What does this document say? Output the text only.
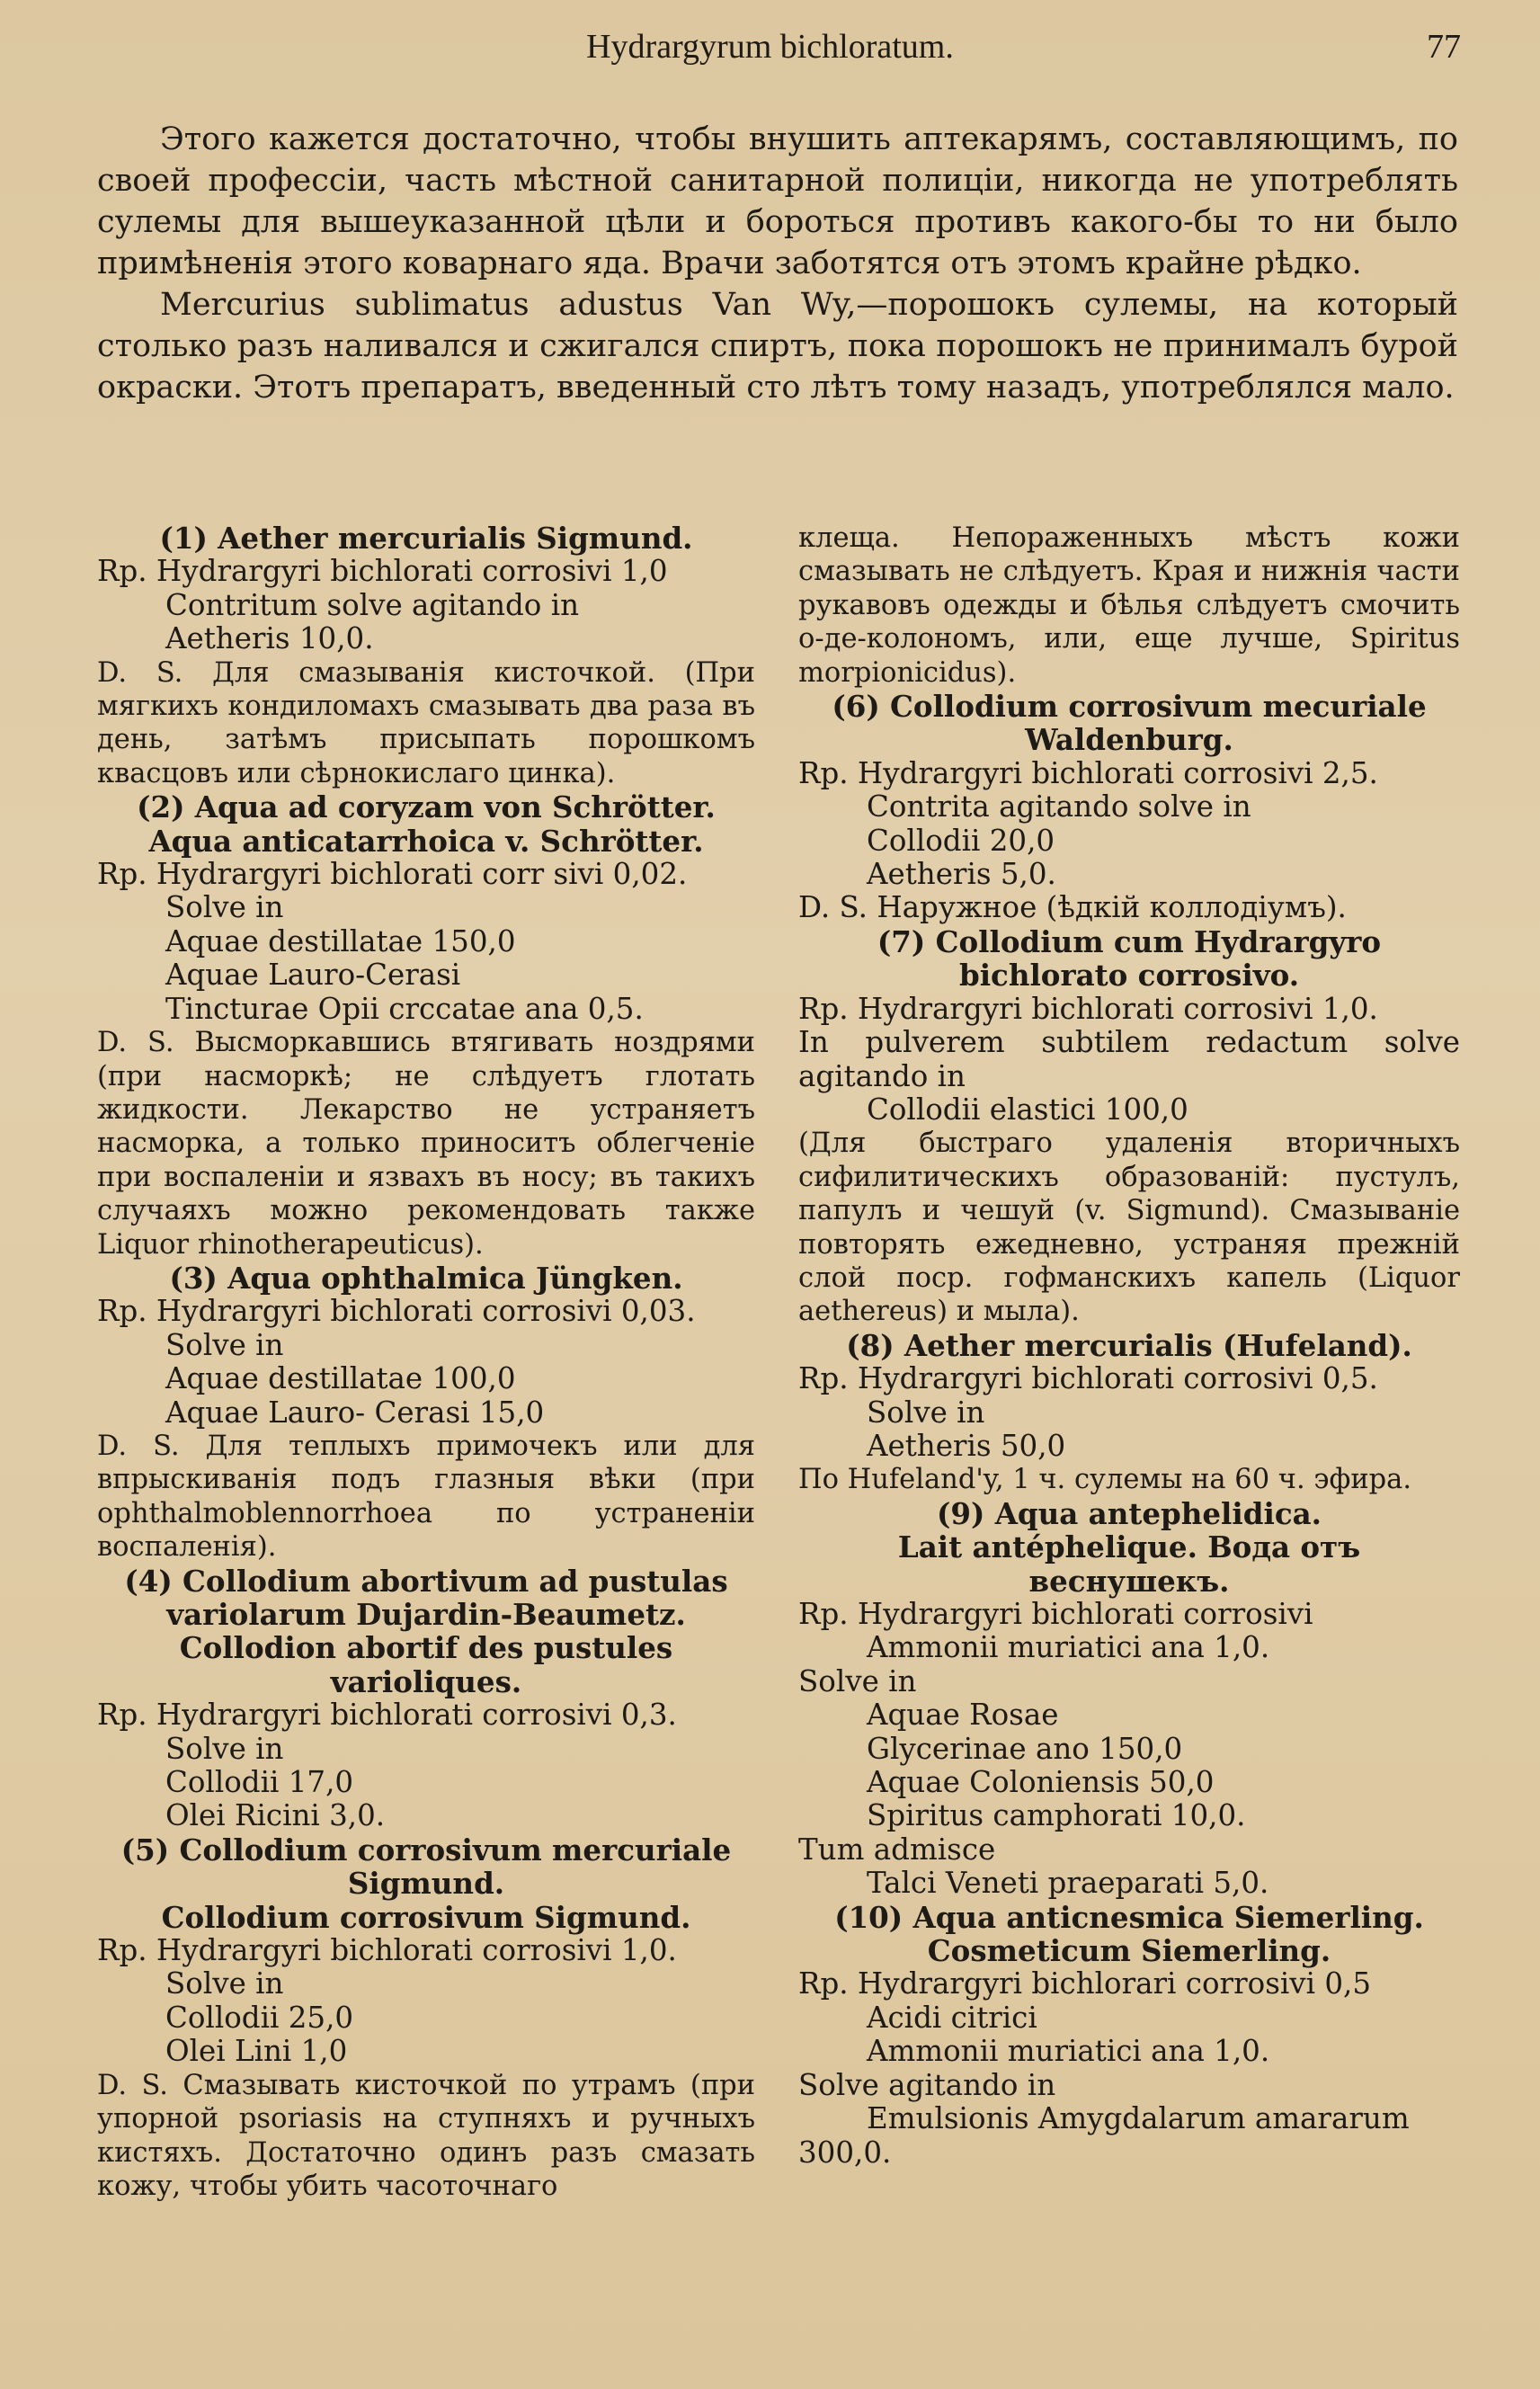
Hydrargyrum bichloratum.	77

Этого кажется достаточно, чтобы внушить аптекарямъ, составляющимъ, по своей профессiи, часть мѣстной санитарной полицiи, никогда не употреблять сулемы для вышеуказанной цѣли и бороться противъ какого-бы то ни было примѣненiя этого коварнаго яда. Врачи заботятся отъ этомъ крайне рѣдко.

Mercurius sublimatus adustus Van Wy,—порошокъ сулемы, на который столько разъ наливался и сжигался спиртъ, пока порошокъ не принималъ бурой окраски. Этотъ препаратъ, введенный сто лѣтъ тому назадъ, употреблялся мало.

(1) Aether mercurialis Sigmund.
Rp. Hydrargyri bichlorati corrosivi 1,0
Contritum solve agitando in
Aetheris 10,0.
D. S. Для смазыванiя кисточкой. (При мягкихъ кондиломахъ смазывать два раза въ день, затѣмъ присыпать порошкомъ квасцовъ или сѣрнокислаго цинка).
(2) Aqua ad coryzam von Schrötter.
Aqua anticatarrhoica v. Schrötter.
Rp. Hydrargyri bichlorati corr sivi 0,02.
Solve in
Aquae destillatae 150,0
Aquae Lauro-Cerasi
Tincturae Opii crccatae ana 0,5.
D. S. Высморкавшись втягивать ноздрями (при насморкѣ; не слѣдуетъ глотать жидкости. Лекарство не устраняетъ насморка, а только приноситъ облегченiе при воспаленiи и язвахъ въ носу; въ такихъ случаяхъ можно рекомендовать также Liquor rhinotherapeuticus).
(3) Aqua ophthalmica Jüngken.
Rp. Hydrargyri bichlorati corrosivi 0,03.
Solve in
Aquae destillatae 100,0
Aquae Lauro- Cerasi 15,0
D. S. Для теплыхъ примочекъ или для впрыскиванiя подъ глазныя вѣки (при ophthalmoblennorrhoea по устраненiи воспаленiя).
(4) Collodium abortivum ad pustulas variolarum Dujardin-Beaumetz.
Collodion abortif des pustules varioliques.
Rp. Hydrargyri bichlorati corrosivi 0,3.
Solve in
Collodii 17,0
Olei Ricini 3,0.
(5) Collodium corrosivum mercuriale Sigmund.
Collodium corrosivum Sigmund.
Rp. Hydrargyri bichlorati corrosivi 1,0.
Solve in
Collodii 25,0
Olei Lini 1,0
D. S. Смазывать кисточкой по утрамъ (при упорной psoriasis на ступняхъ и ручныхъ кистяхъ. Достаточно одинъ разъ смазать кожу, чтобы убить часоточнаго
клеща. Непораженныхъ мѣстъ кожи смазывать не слѣдуетъ. Края и нижнiя части рукавовъ одежды и бѣлья слѣдуетъ смочить о-де-колономъ, или, еще лучше, Spiritus morpionicidus).
(6) Collodium corrosivum mecuriale Waldenburg.
Rp. Hydrargyri bichlorati corrosivi 2,5.
Contrita agitando solve in
Collodii 20,0
Aetheris 5,0.
D. S. Наружное (ѣдкiй коллодiумъ).
(7) Collodium cum Hydrargyro bichlorato corrosivo.
Rp. Hydrargyri bichlorati corrosivi 1,0.
In pulverem subtilem redactum solve agitando in
Collodii elastici 100,0
(Для быстраго удаленiя вторичныхъ сифилитическихъ образованiй: пустулъ, папулъ и чешуй (v. Sigmund). Смазыванiе повторять ежедневно, устраняя прежнiй слой поср. гофманскихъ капель (Liquor aethereus) и мыла).
(8) Aether mercurialis (Hufeland).
Rp. Hydrargyri bichlorati corrosivi 0,5.
Solve in
Aetheris 50,0
По Hufeland'y, 1 ч. сулемы на 60 ч. эфира.
(9) Aqua antephelidica.
Lait antéphelique. Вода отъ веснушекъ.
Rp. Hydrargyri bichlorati corrosivi
Ammonii muriatici ana 1,0.
Solve in
Aquae Rosae
Glycerinae ano 150,0
Aquae Coloniensis 50,0
Spiritus camphorati 10,0.
Tum admisce
Talci Veneti praeparati 5,0.
(10) Aqua anticnesmica Siemerling.
Cosmeticum Siemerling.
Rp. Hydrargyri bichlorari corrosivi 0,5
Acidi citrici
Ammonii muriatici ana 1,0.
Solve agitando in
Emulsionis Amygdalarum amararum
300,0.
